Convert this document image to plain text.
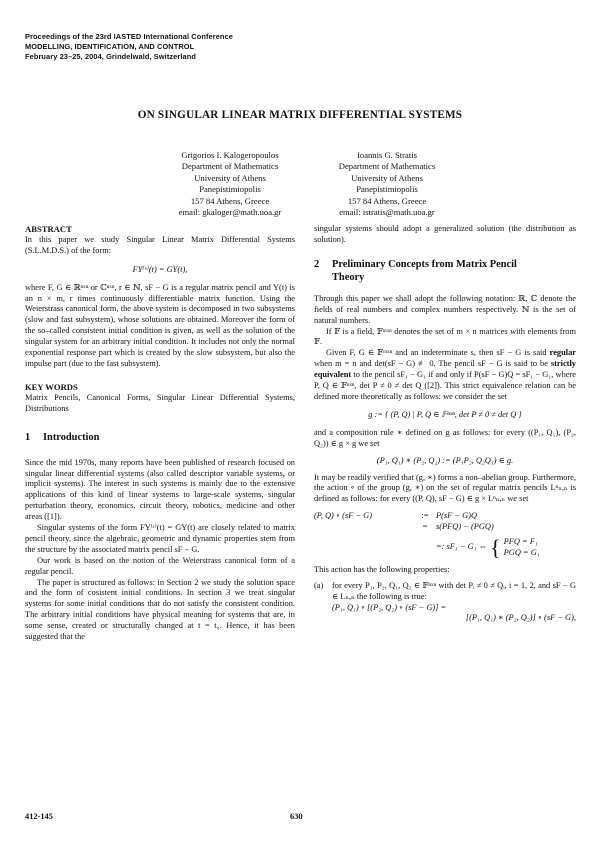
Proceedings of the 23rd IASTED International Conference
MODELLING, IDENTIFICATION, AND CONTROL
February 23–25, 2004, Grindelwald, Switzerland
ON SINGULAR LINEAR MATRIX DIFFERENTIAL SYSTEMS
Grigorios I. Kalogeropoulos
Department of Mathematics
University of Athens
Panepistimiopolis
157 84 Athens, Greece
email: gkaloger@math.uoa.gr
Ioannis G. Stratis
Department of Mathematics
University of Athens
Panepistimiopolis
157 84 Athens, Greece
email: istratis@math.uoa.gr
ABSTRACT

In this paper we study Singular Linear Matrix Differential Systems (S.L.M.D.S.) of the form:

FY⁽ᵛ⁾(t) = GY(t),

where F, G ∈ ℝⁿˣⁿ or ℂⁿˣⁿ, r ∈ ℕ, sF − G is a regular matrix pencil and Y(t) is an n × m, r times continuously differentiable matrix function. Using the Weierstrass canonical form, the above system is decomposed in two subsystems (slow and fast subsystem), whose solutions are obtained. Moreover the form of the so–called consistent initial condition is given, as well as the solution of the singular system for an arbitrary initial condition. It includes not only the normal exponential response part which is created by the slow subsystem, but also the impulse part (due to the fast subsystem).

KEY WORDS

Matrix Pencils, Canonical Forms, Singular Linear Differential Systems, Distributions

1 Introduction

Since the mid 1970s, many reports have been published of research focused on singular linear differential systems (also called descriptor variable systems, or implicit systems). The interest in such systems is mainly due to the extensive applications of this kind of linear systems to large-scale systems, singular perturbation theory, economics, circuit theory, robotics, medicine and other areas ([1]).

Singular systems of the form FY⁽ʳ⁾(t) = GY(t) are closely related to matrix pencil theory, since the algebraic, geometric and dynamic properties stem from the structure by the associated matrix pencil sF − G.

Our work is based on the notion of the Weierstrass canonical form of a regular pencil.

The paper is structured as follows: in Section 2 we study the solution space and the form of cosistent initial conditions. In section 3 we treat singular systems for some initial conditions that do not satisfy the consistent condition. The arbitrary initial conditions have physical meaning for systems that are, in some sense, created or structurally changed at t = t₀. Hence, it has been suggested that the

singular systems should adopt a generalized solution (the distribution as solution).

2 Preliminary Concepts from Matrix Pencil
Theory

Through this paper we shall adopt the following notation: ℝ, ℂ denote the fields of real numbers and complex numbers respectively. ℕ is the set of natural numbers.

If 𝔽 is a field, 𝔽ᵐˣⁿ denotes the set of m × n matrices with elements from 𝔽.

Given F, G ∈ 𝔽ᵐˣⁿ and an indeterminate s, then sF − G is said regular when m = n and det(sF − G) ≢ 0. The pencil sF − G is said to be strictly equivalent to the pencil sF₁ − G₁ if and only if P(sF − G)Q = sF₁ − G₁, where P, Q ∈ 𝔽ⁿˣⁿ, det P ≠ 0 ≠ det Q ([2]). This strict equivalence relation can be defined more theoretically as follows: we consider the set

g := { (P, Q) | P, Q ∈ 𝔽ⁿˣⁿ, det P ≠ 0 ≠ det Q }

and a composition rule ∗ defined on g as follows: for every ((P₁, Q₁), (P₂, Q₂)) ∈ g × g we set

(P₁, Q₁) ∗ (P₂, Q₂) := (P₁P₂, Q₂Q₁) ∈ g.

It may be readily verified that (g, ∗) forms a non–abelian group. Furthermore, the action ∘ of the group (g, ∗) on the set of regular matrix pencils Lⁿₙ,ₙ is defined as follows: for every ((P, Q), sF − G) ∈ g × Lⁿₙ,ₙ we set

(P, Q) ∘ (sF − G)	:= P(sF − G)Q
=	s(PFQ) − (PGQ)
=: sF₁ − G₁ ⇔ { PFQ = F₁
PGQ = G₁

This action has the following properties:

(a)	for every P₁, P₂, Q₁, Q₂ ∈ 𝔽ⁿˣⁿ with det Pᵢ ≠ 0 ≠ Qᵢ, i = 1, 2, and sF − G ∈ Lₙ,ₙ the following is true:
(P₁, Q₁) ∘ [(P₂, Q₂) ∘ (sF − G)] =
[(P₁, Q₁) ∗ (P₂, Q₂)] ∘ (sF − G),
412-145	630
